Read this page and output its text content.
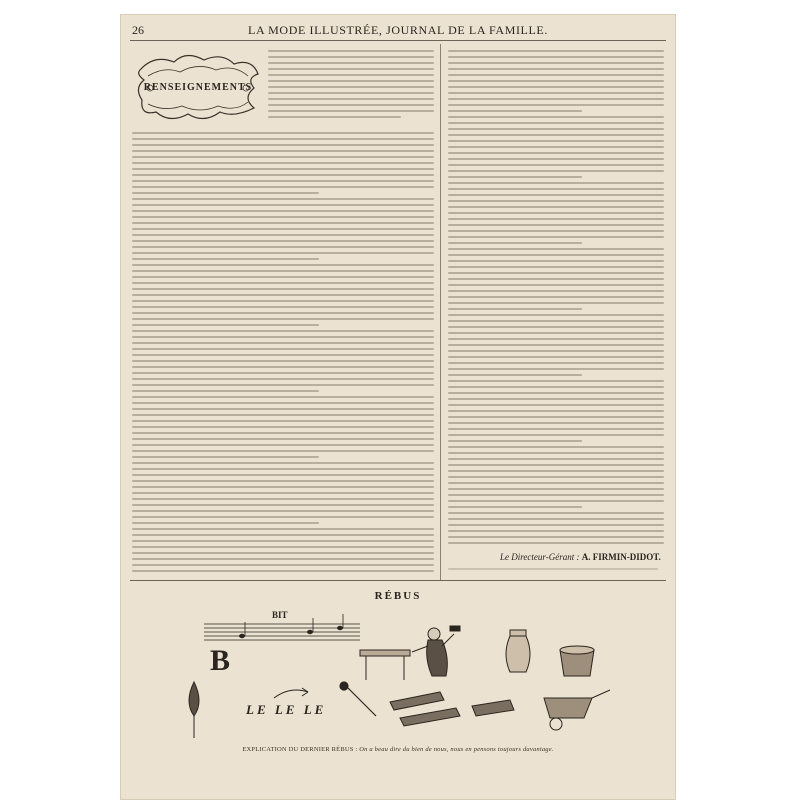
26	LA MODE ILLUSTRÉE, JOURNAL DE LA FAMILLE.
RENSEIGNEMENTS
Le Directeur-Gérant : A. FIRMIN-DIDOT.
RÉBUS
B
BIT
LE LE LE
EXPLICATION DU DERNIER RÉBUS : On a beau dire du bien de nous, nous en pensons toujours davantage.
